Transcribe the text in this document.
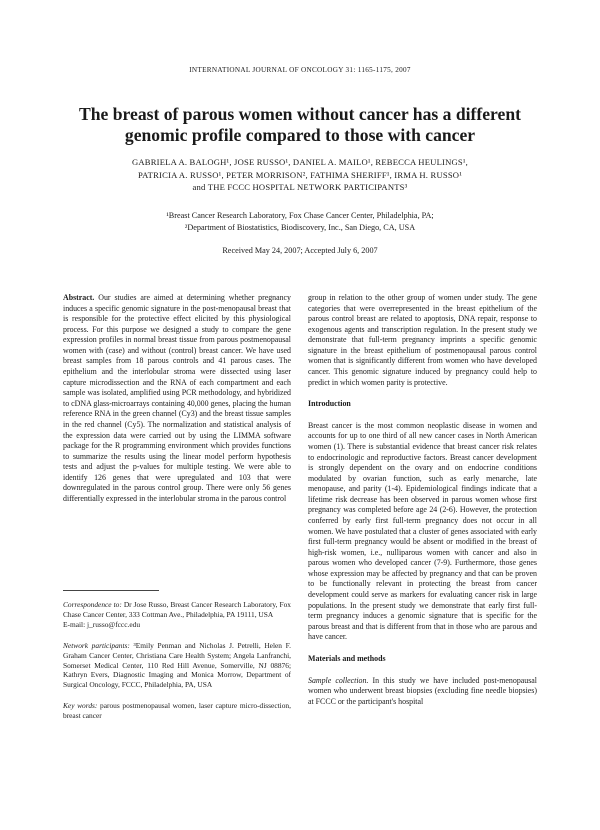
INTERNATIONAL JOURNAL OF ONCOLOGY 31: 1165-1175, 2007
The breast of parous women without cancer has a different
genomic profile compared to those with cancer
GABRIELA A. BALOGH¹, JOSE RUSSO¹, DANIEL A. MAILO¹, REBECCA HEULINGS¹,
PATRICIA A. RUSSO¹, PETER MORRISON², FATHIMA SHERIFF¹, IRMA H. RUSSO¹
and THE FCCC HOSPITAL NETWORK PARTICIPANTS³
¹Breast Cancer Research Laboratory, Fox Chase Cancer Center, Philadelphia, PA;
²Department of Biostatistics, Biodiscovery, Inc., San Diego, CA, USA
Received May 24, 2007; Accepted July 6, 2007

Abstract. Our studies are aimed at determining whether pregnancy induces a specific genomic signature in the post-menopausal breast that is responsible for the protective effect elicited by this physiological process. For this purpose we designed a study to compare the gene expression profiles in normal breast tissue from parous postmenopausal women with (case) and without (control) breast cancer. We have used breast samples from 18 parous controls and 41 parous cases. The epithelium and the interlobular stroma were dissected using laser capture microdissection and the RNA of each compartment and each sample was isolated, amplified using PCR methodology, and hybridized to cDNA glass-microarrays containing 40,000 genes, placing the human reference RNA in the green channel (Cy3) and the breast tissue samples in the red channel (Cy5). The normalization and statistical analysis of the expression data were carried out by using the LIMMA software package for the R programming environment which provides functions to summarize the results using the linear model perform hypothesis tests and adjust the p-values for multiple testing. We were able to identify 126 genes that were upregulated and 103 that were downregulated in the parous control group. There were only 56 genes differentially expressed in the interlobular stroma in the parous control

Correspondence to: Dr Jose Russo, Breast Cancer Research Laboratory, Fox Chase Cancer Center, 333 Cottman Ave., Philadelphia, PA 19111, USA

E-mail: j_russo@fccc.edu

Network participants: ³Emily Penman and Nicholas J. Petrelli, Helen F. Graham Cancer Center, Christiana Care Health System; Angela Lanfranchi, Somerset Medical Center, 110 Red Hill Avenue, Somerville, NJ 08876; Kathryn Evers, Diagnostic Imaging and Monica Morrow, Department of Surgical Oncology, FCCC, Philadelphia, PA, USA

Key words: parous postmenopausal women, laser capture micro-dissection, breast cancer

group in relation to the other group of women under study. The gene categories that were overrepresented in the breast epithelium of the parous control breast are related to apoptosis, DNA repair, response to exogenous agents and transcription regulation. In the present study we demonstrate that full-term pregnancy imprints a specific genomic signature in the breast epithelium of postmenopausal parous control women that is significantly different from women who have developed cancer. This genomic signature induced by pregnancy could help to predict in which women parity is protective.

Introduction

Breast cancer is the most common neoplastic disease in women and accounts for up to one third of all new cancer cases in North American women (1). There is substantial evidence that breast cancer risk relates to endocrinologic and reproductive factors. Breast cancer development is strongly dependent on the ovary and on endocrine conditions modulated by ovarian function, such as early menarche, late menopause, and parity (1-4). Epidemiological findings indicate that a lifetime risk decrease has been observed in parous women whose first pregnancy was completed before age 24 (2-6). However, the protection conferred by early first full-term pregnancy does not occur in all women. We have postulated that a cluster of genes associated with early first full-term pregnancy would be absent or modified in the breast of high-risk women, i.e., nulliparous women with cancer and also in parous women who developed cancer (7-9). Furthermore, those genes whose expression may be affected by pregnancy and that can be proven to be functionally relevant in protecting the breast from cancer development could serve as markers for evaluating cancer risk in large populations. In the present study we demonstrate that early first full-term pregnancy induces a genomic signature that is specific for the parous breast and that is different from that in those who are parous and have cancer.

Materials and methods

Sample collection. In this study we have included post-menopausal women who underwent breast biopsies (excluding fine needle biopsies) at FCCC or the participant's hospital
